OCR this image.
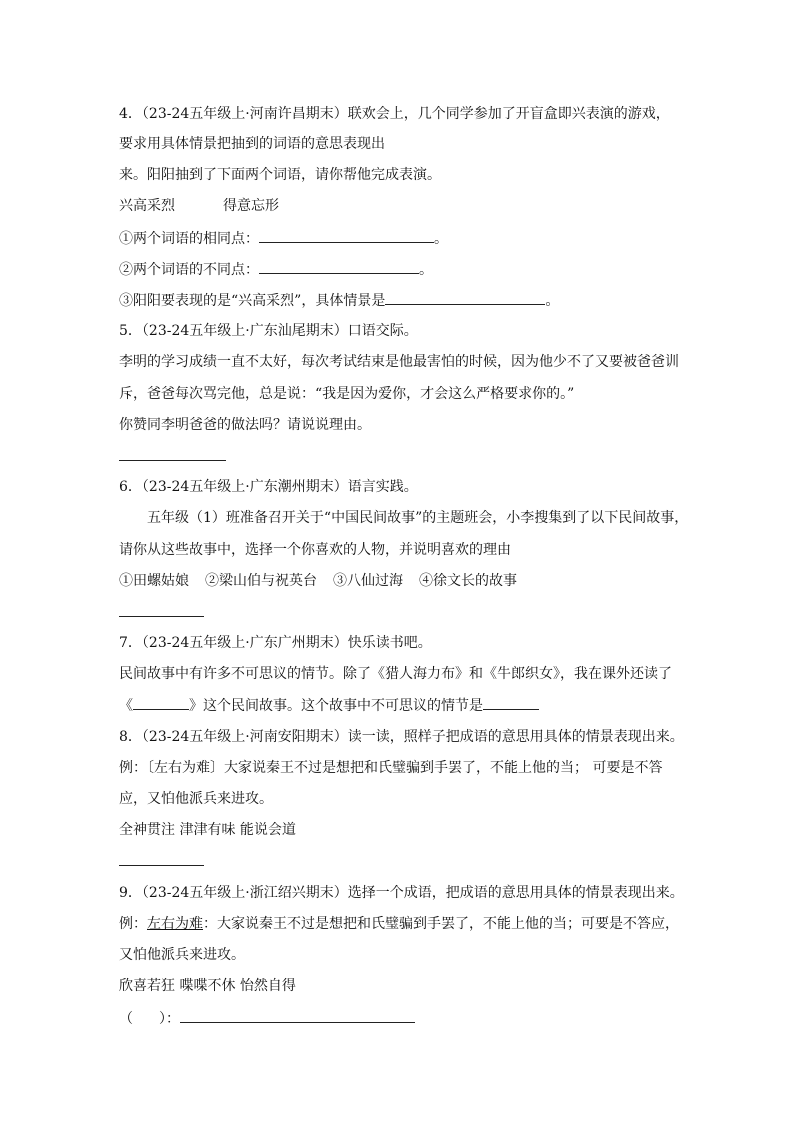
4．（23-24五年级上·河南许昌期末）联欢会上，几个同学参加了开盲盒即兴表演的游戏，
要求用具体情景把抽到的词语的意思表现出
来。阳阳抽到了下面两个词语，请你帮他完成表演。
兴高采烈	得意忘形
①两个词语的相同点：	。
②两个词语的不同点：	。
③阳阳要表现的是“兴高采烈”，具体情景是	。
5．（23-24五年级上·广东汕尾期末）口语交际。
李明的学习成绩一直不太好，每次考试结束是他最害怕的时候，因为他少不了又要被爸爸训
斥，爸爸每次骂完他，总是说：“我是因为爱你，才会这么严格要求你的。”
你赞同李明爸爸的做法吗？请说说理由。
6．（23-24五年级上·广东潮州期末）语言实践。
五年级（1）班准备召开关于“中国民间故事”的主题班会，小李搜集到了以下民间故事，
请你从这些故事中，选择一个你喜欢的人物，并说明喜欢的理由
①田螺姑娘 ②梁山伯与祝英台 ③八仙过海 ④徐文长的故事
7．（23-24五年级上·广东广州期末）快乐读书吧。
民间故事中有许多不可思议的情节。除了《猎人海力布》和《牛郎织女》，我在课外还读了
《	》这个民间故事。这个故事中不可思议的情节是
8．（23-24五年级上·河南安阳期末）读一读，照样子把成语的意思用具体的情景表现出来。
例：〔左右为难〕大家说秦王不过是想把和氏璧骗到手罢了，不能上他的当； 可要是不答
应，又怕他派兵来进攻。
全神贯注 津津有味 能说会道
9．（23-24五年级上·浙江绍兴期末）选择一个成语，把成语的意思用具体的情景表现出来。
例：左右为难：大家说秦王不过是想把和氏璧骗到手罢了，不能上他的当；可要是不答应，
又怕他派兵来进攻。
欣喜若狂 喋喋不休 怡然自得
（ ）：
